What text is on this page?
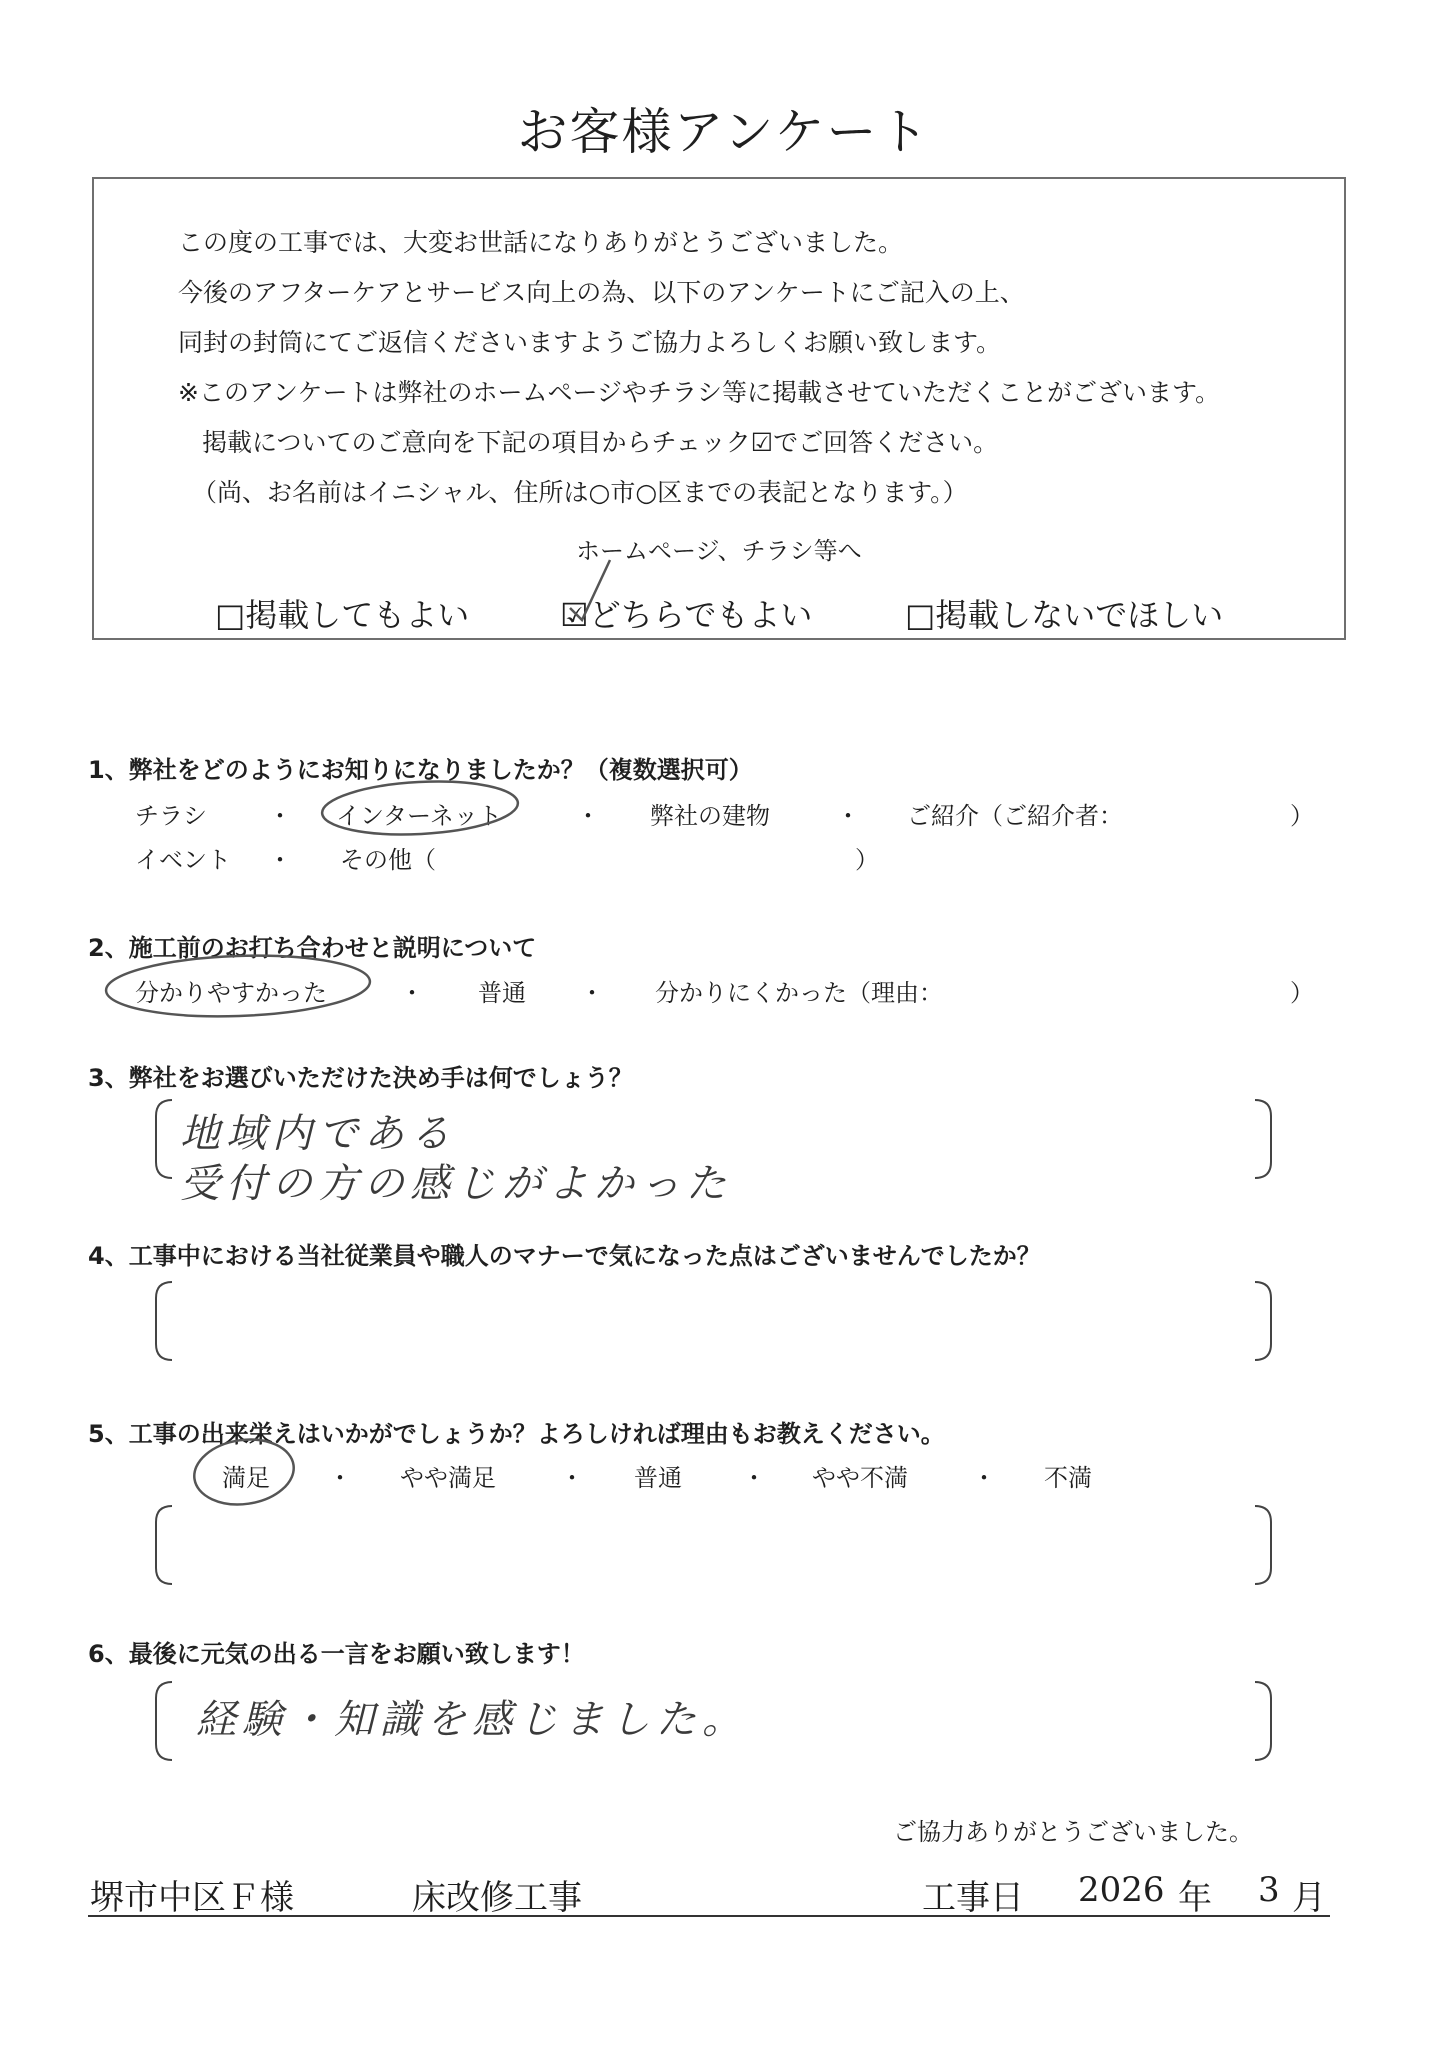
お客様アンケート
この度の工事では、大変お世話になりありがとうございました。
今後のアフターケアとサービス向上の為、以下のアンケートにご記入の上、
同封の封筒にてご返信くださいますようご協力よろしくお願い致します。
※このアンケートは弊社のホームページやチラシ等に掲載させていただくことがございます。
掲載についてのご意向を下記の項目からチェック☑でご回答ください。
（尚、お名前はイニシャル、住所は○市○区までの表記となります。）
ホームページ、チラシ等へ
□掲載してもよい	☑どちらでもよい	□掲載しないでほしい
1、弊社をどのようにお知りになりましたか？（複数選択可）
チラシ	・ インターネット	・ 弊社の建物	・ ご紹介（ご紹介者：	）
イベント ・ その他（	）
2、施工前のお打ち合わせと説明について
分かりやすかった	・ 普通 ・ 分かりにくかった（理由：	）
3、弊社をお選びいただけた決め手は何でしょう？
地域内である
受付の方の感じがよかった
4、工事中における当社従業員や職人のマナーで気になった点はございませんでしたか？
5、工事の出来栄えはいかがでしょうか？よろしければ理由もお教えください。
満足 ・ やや満足	・ 普通	・ やや不満	・ 不満
6、最後に元気の出る一言をお願い致します！
経験・知識を感じました。
ご協力ありがとうございました。
堺市中区Ｆ様	床改修工事	工事日 2026 年 3 月
